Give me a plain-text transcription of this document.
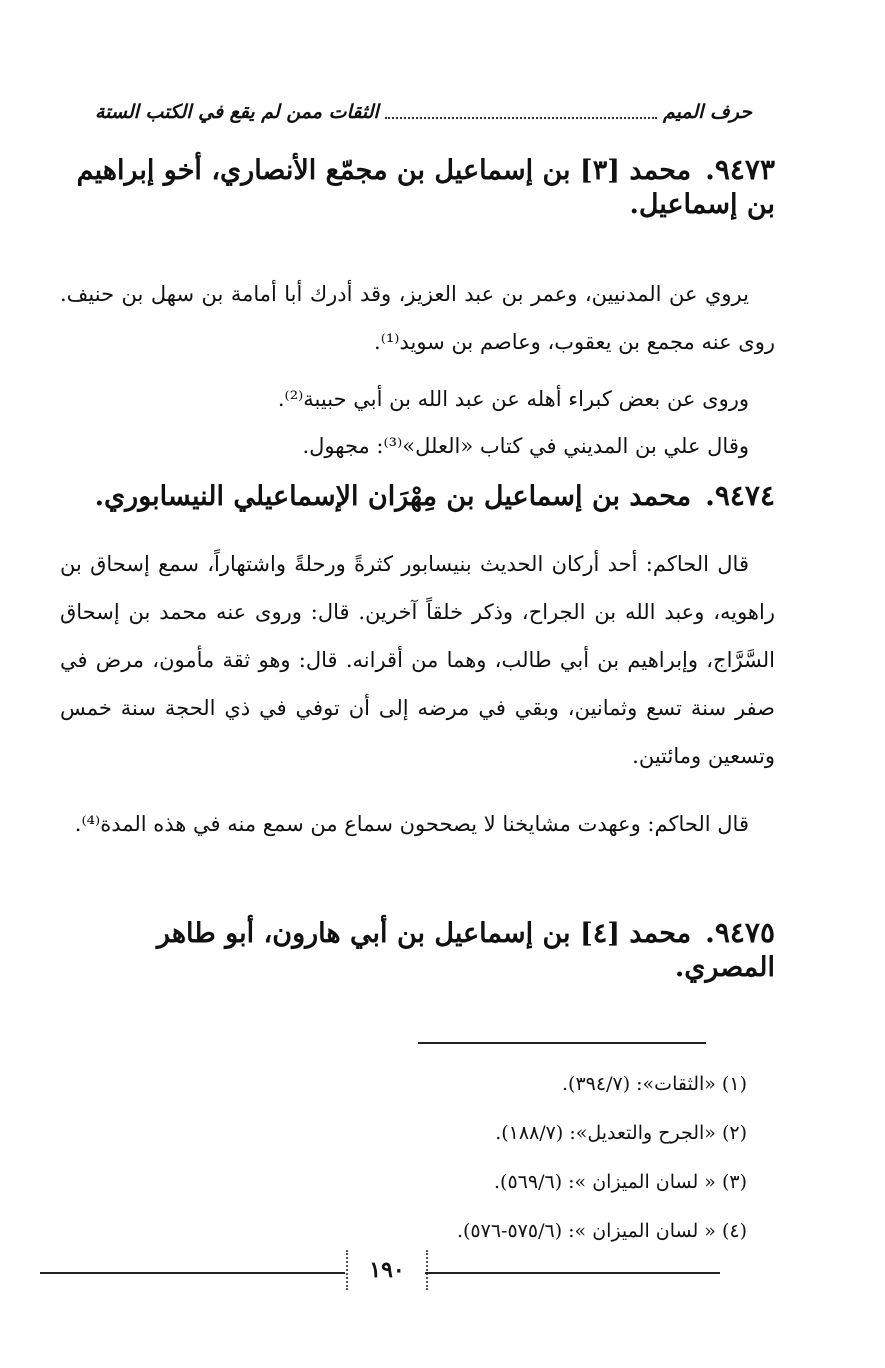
حرف الميم
الثقات ممن لم يقع في الكتب الستة
٩٤٧٣.محمد [٣] بن إسماعيل بن مجمّع الأنصاري، أخو إبراهيم بن إسماعيل.
يروي عن المدنيين، وعمر بن عبد العزيز، وقد أدرك أبا أمامة بن سهل بن حنيف. روى عنه مجمع بن يعقوب، وعاصم بن سويد⁽¹⁾.
وروى عن بعض كبراء أهله عن عبد الله بن أبي حبيبة⁽²⁾.
وقال علي بن المديني في كتاب «العلل»⁽³⁾: مجهول.
٩٤٧٤.محمد بن إسماعيل بن مِهْرَان الإسماعيلي النيسابوري.
قال الحاكم: أحد أركان الحديث بنيسابور كثرةً ورحلةً واشتهاراً، سمع إسحاق بن راهويه، وعبد الله بن الجراح، وذكر خلقاً آخرين. قال: وروى عنه محمد بن إسحاق السَّرَّاج، وإبراهيم بن أبي طالب، وهما من أقرانه. قال: وهو ثقة مأمون، مرض في صفر سنة تسع وثمانين، وبقي في مرضه إلى أن توفي في ذي الحجة سنة خمس وتسعين ومائتين.
قال الحاكم: وعهدت مشايخنا لا يصححون سماع من سمع منه في هذه المدة⁽⁴⁾.
٩٤٧٥.محمد [٤] بن إسماعيل بن أبي هارون، أبو طاهر المصري.
(١) «الثقات»: (٣٩٤/٧).
(٢) «الجرح والتعديل»: (١٨٨/٧).
(٣) « لسان الميزان »: (٥٦٩/٦).
(٤) « لسان الميزان »: (٥٧٥/٦-٥٧٦).
١٩٠
